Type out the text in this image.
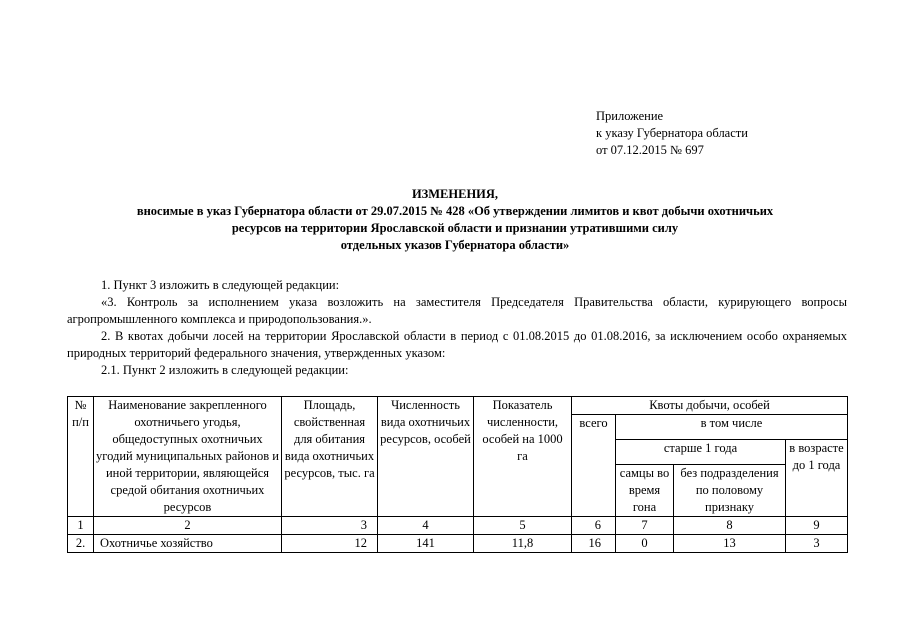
Приложение
к указу Губернатора области
от 07.12.2015 № 697
ИЗМЕНЕНИЯ,
вносимые в указ Губернатора области от 29.07.2015 № 428 «Об утверждении лимитов и квот добычи охотничьих
ресурсов на территории Ярославской области и признании утратившими силу
отдельных указов Губернатора области»

1. Пункт 3 изложить в следующей редакции:

«3. Контроль за исполнением указа возложить на заместителя Председателя Правительства области, курирующего вопросы агропромышленного комплекса и природопользования.».

2. В квотах добычи лосей на территории Ярославской области в период с 01.08.2015 до 01.08.2016, за исключением особо охраняемых природных территорий федерального значения, утвержденных указом:

2.1. Пункт 2 изложить в следующей редакции:

№ п/п	Наименование закрепленного охотничьего угодья, общедоступных охотничьих угодий муниципальных районов и иной территории, являющейся средой обитания охотничьих ресурсов	Площадь, свойственная для обитания вида охотничьих ресурсов, тыс. га	Численность вида охотничьих ресурсов, особей	Показатель численности, особей на 1000 га	Квоты добычи, особей			
					всего	в том числе		
						старше 1 года		в возрасте до 1 года
						самцы во время гона	без подразделения по половому признаку	
1	2	3	4	5	6	7	8	9
2.	Охотничье хозяйство	12	141	11,8	16	0	13	3
